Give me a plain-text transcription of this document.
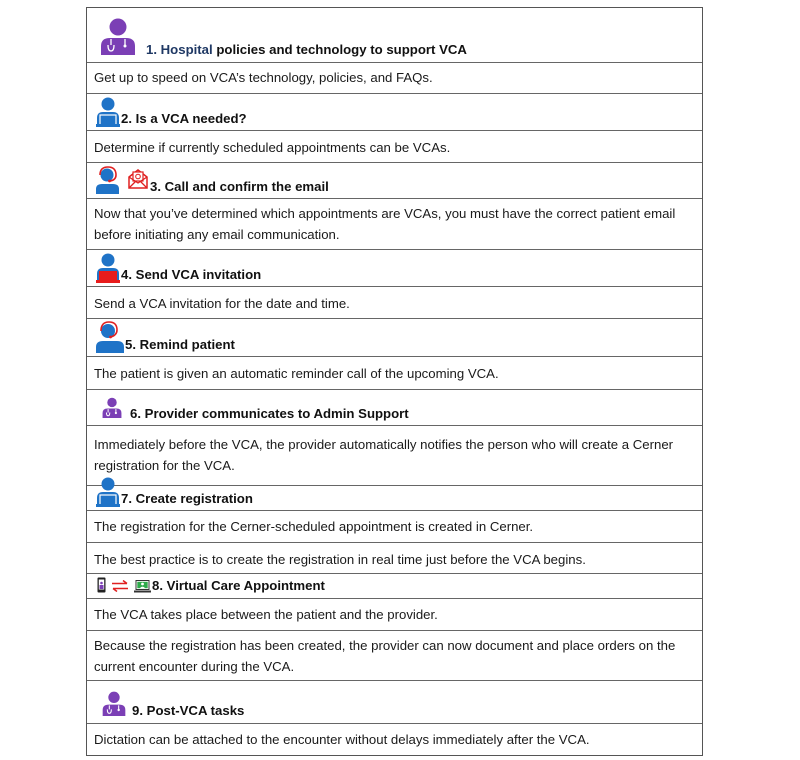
1. Hospital policies and technology to support VCA
Get up to speed on VCA’s technology, policies, and FAQs.
2. Is a VCA needed?
Determine if currently scheduled appointments can be VCAs.
3. Call and confirm the email
Now that you’ve determined which appointments are VCAs, you must have the correct patient email before initiating any email communication.
4. Send VCA invitation
Send a VCA invitation for the date and time.
5. Remind patient
The patient is given an automatic reminder call of the upcoming VCA.
6. Provider communicates to Admin Support
Immediately before the VCA, the provider automatically notifies the person who will create a Cerner registration for the VCA.
7. Create registration
The registration for the Cerner-scheduled appointment is created in Cerner.
The best practice is to create the registration in real time just before the VCA begins.
8. Virtual Care Appointment
The VCA takes place between the patient and the provider.
Because the registration has been created, the provider can now document and place orders on the current encounter during the VCA.
9. Post-VCA tasks
Dictation can be attached to the encounter without delays immediately after the VCA.
